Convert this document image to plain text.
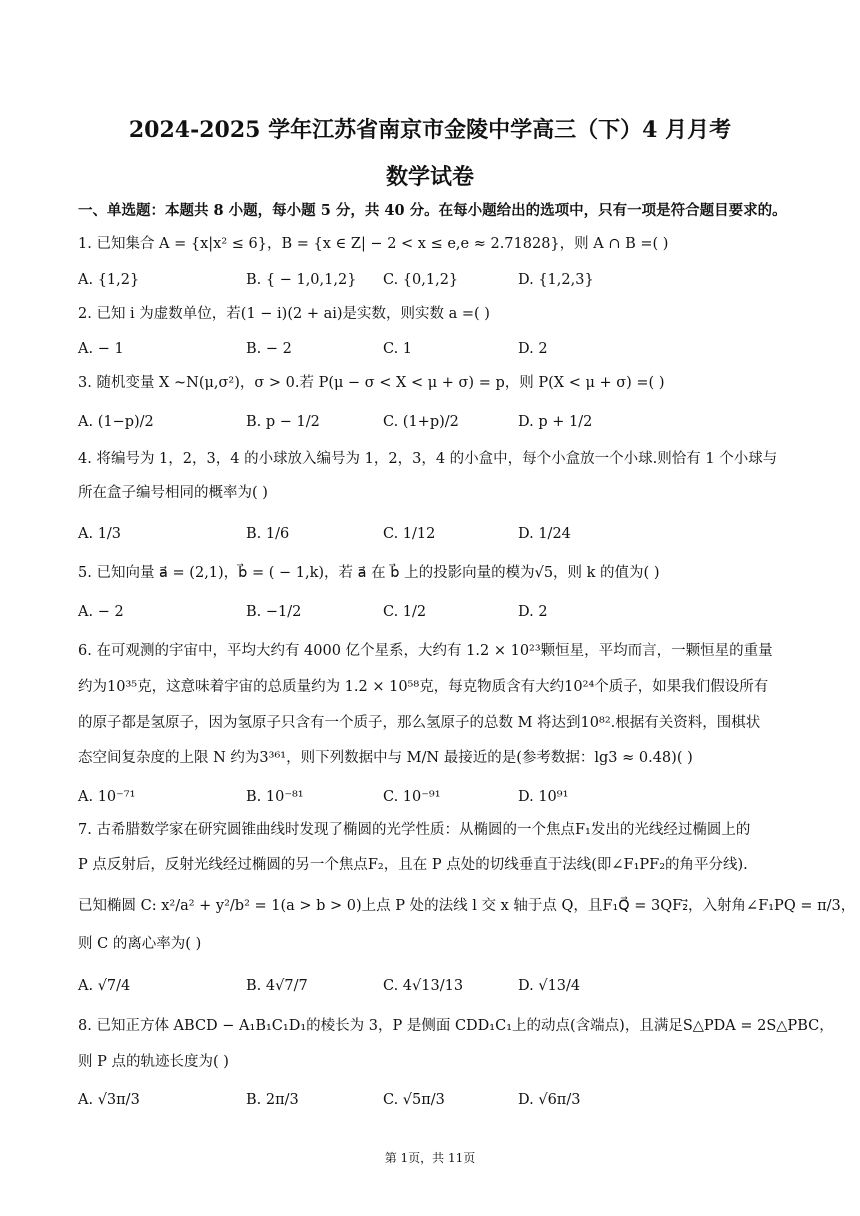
2024-2025 学年江苏省南京市金陵中学高三（下）4 月月考
数学试卷
一、单选题：本题共 8 小题，每小题 5 分，共 40 分。在每小题给出的选项中，只有一项是符合题目要求的。
1. 已知集合 A = {x|x² ≤ 6}，B = {x ∈ Z| − 2 < x ≤ e,e ≈ 2.71828}，则 A ∩ B =( )
A. {1,2}	B. { − 1,0,1,2} C. {0,1,2}	D. {1,2,3}
2. 已知 i 为虚数单位，若(1 − i)(2 + ai)是实数，则实数 a =( )
A. − 1	B. − 2	C. 1	D. 2
3. 随机变量 X ~N(μ,σ²)，σ > 0.若 P(μ − σ < X < μ + σ) = p，则 P(X < μ + σ) =( )
A. (1−p)/2	B. p − 1/2	C. (1+p)/2	D. p + 1/2
4. 将编号为 1，2，3，4 的小球放入编号为 1，2，3，4 的小盒中，每个小盒放一个小球.则恰有 1 个小球与
所在盒子编号相同的概率为( )
A. 1/3	B. 1/6	C. 1/12	D. 1/24
5. 已知向量 a⃗ = (2,1)，b⃗ = ( − 1,k)，若 a⃗ 在 b⃗ 上的投影向量的模为√5，则 k 的值为( )
A. − 2	B. −1/2	C. 1/2	D. 2
6. 在可观测的宇宙中，平均大约有 4000 亿个星系，大约有 1.2 × 10²³颗恒星，平均而言，一颗恒星的重量
约为10³⁵克，这意味着宇宙的总质量约为 1.2 × 10⁵⁸克，每克物质含有大约10²⁴个质子，如果我们假设所有
的原子都是氢原子，因为氢原子只含有一个质子，那么氢原子的总数 M 将达到10⁸².根据有关资料，围棋状
态空间复杂度的上限 N 约为3³⁶¹，则下列数据中与 M/N 最接近的是(参考数据：lg3 ≈ 0.48)( )
A. 10⁻⁷¹	B. 10⁻⁸¹	C. 10⁻⁹¹	D. 10⁹¹
7. 古希腊数学家在研究圆锥曲线时发现了椭圆的光学性质：从椭圆的一个焦点F₁发出的光线经过椭圆上的
P 点反射后，反射光线经过椭圆的另一个焦点F₂，且在 P 点处的切线垂直于法线(即∠F₁PF₂的角平分线).
已知椭圆 C: x²/a² + y²/b² = 1(a > b > 0)上点 P 处的法线 l 交 x 轴于点 Q，且F₁Q⃗ = 3QF₂⃗，入射角∠F₁PQ = π/3，
则 C 的离心率为( )
A. √7/4	B. 4√7/7	C. 4√13/13	D. √13/4
8. 已知正方体 ABCD − A₁B₁C₁D₁的棱长为 3，P 是侧面 CDD₁C₁上的动点(含端点)，且满足S△PDA = 2S△PBC，
则 P 点的轨迹长度为( )
A. √3π/3	B. 2π/3	C. √5π/3	D. √6π/3
第 1页，共 11页
